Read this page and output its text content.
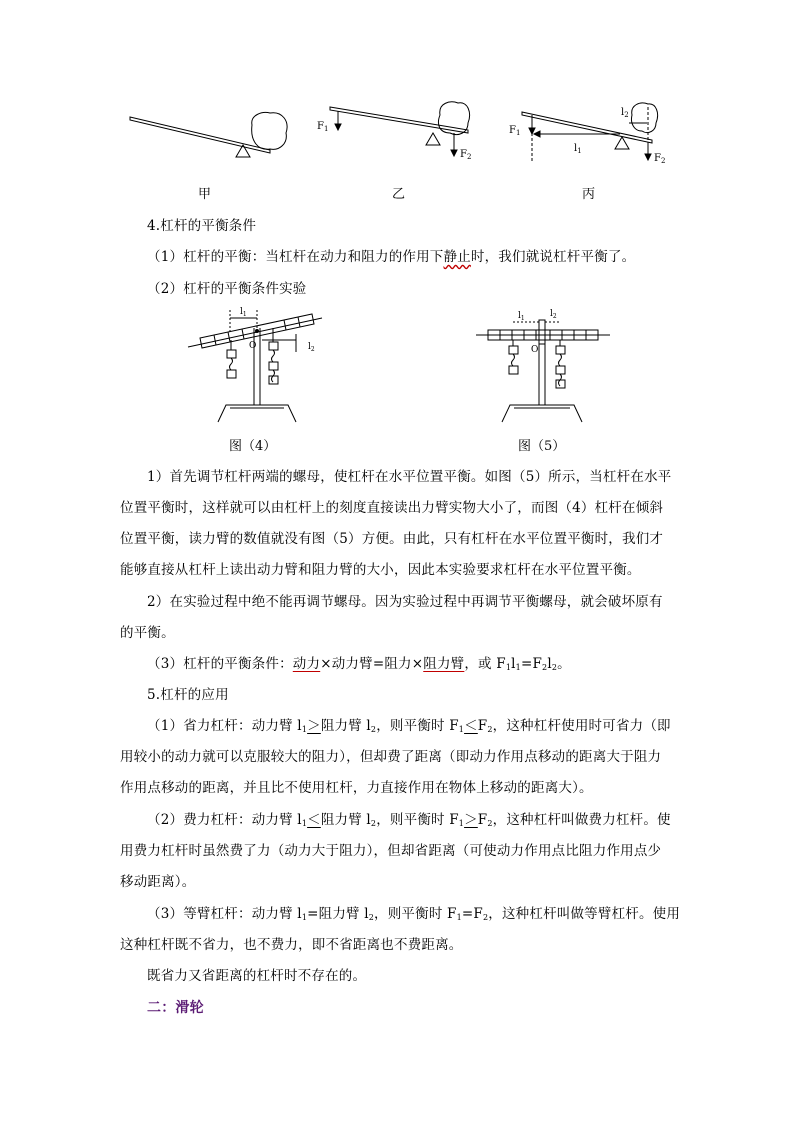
甲
$F_1$
$F_2$
乙
$F_1$
$l_1$
$l_2$
$F_2$
丙
4.杠杆的平衡条件
（1）杠杆的平衡：当杠杆在动力和阻力的作用下静止时，我们就说杠杆平衡了。
（2）杠杆的平衡条件实验
$l_1$
$l_2$
O
图（4）
$l_1$	$l_2$
O
图（5）
1）首先调节杠杆两端的螺母，使杠杆在水平位置平衡。如图（5）所示，当杠杆在水平
位置平衡时，这样就可以由杠杆上的刻度直接读出力臂实物大小了，而图（4）杠杆在倾斜
位置平衡，读力臂的数值就没有图（5）方便。由此，只有杠杆在水平位置平衡时，我们才
能够直接从杠杆上读出动力臂和阻力臂的大小，因此本实验要求杠杆在水平位置平衡。
2）在实验过程中绝不能再调节螺母。因为实验过程中再调节平衡螺母，就会破坏原有
的平衡。
（3）杠杆的平衡条件：动力×动力臂=阻力×阻力臂，或 $F_1l_1=F_2l_2$。
5.杠杆的应用
（1）省力杠杆：动力臂 $l_1>$阻力臂 $l_2$，则平衡时 $F_1<F_2$，这种杠杆使用时可省力（即
用较小的动力就可以克服较大的阻力），但却费了距离（即动力作用点移动的距离大于阻力
作用点移动的距离，并且比不使用杠杆，力直接作用在物体上移动的距离大）。
（2）费力杠杆：动力臂 $l_1<$阻力臂 $l_2$，则平衡时 $F_1>F_2$，这种杠杆叫做费力杠杆。使
用费力杠杆时虽然费了力（动力大于阻力），但却省距离（可使动力作用点比阻力作用点少
移动距离）。
（3）等臂杠杆：动力臂 $l_1=$阻力臂 $l_2$，则平衡时 $F_1=F_2$，这种杠杆叫做等臂杠杆。使用
这种杠杆既不省力，也不费力，即不省距离也不费距离。
既省力又省距离的杠杆时不存在的。
二：滑轮
